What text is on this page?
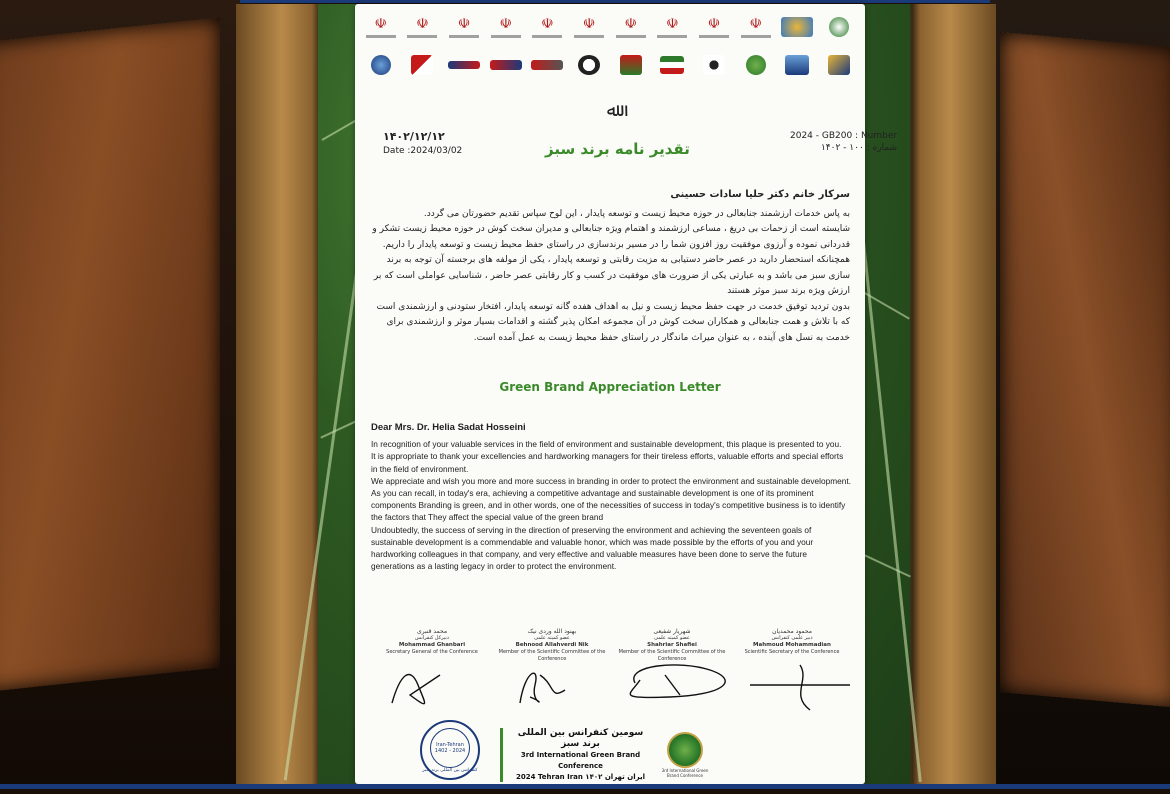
☫ ☫ ☫ ☫ ☫ ☫ ☫ ☫ ☫ ☫
ﷲ
۱۴۰۲/۱۲/۱۲
Date :2024/03/02	تقدیر نامه برند سبز
2024 - GB200 : Number
شماره : ۱۰۰ - ۱۴۰۲
سرکار خانم دکتر حلیا سادات حسینی
به پاس خدمات ارزشمند جنابعالی در حوزه محیط زیست و توسعه پایدار ، این لوح سپاس تقدیم حضورتان می گردد.
شایسته است از زحمات بی دریغ ، مساعی ارزشمند و اهتمام ویژه جنابعالی و مدیران سخت کوش در حوزه محیط زیست تشکر و قدردانی نموده و آرزوی موفقیت روز افزون شما را در مسیر برندسازی در راستای حفظ محیط زیست و توسعه پایدار را داریم.
همچنانکه استحضار دارید در عصر حاضر دستیابی به مزیت رقابتی و توسعه پایدار ، یکی از مولفه های برجسته آن توجه به برند سازی سبز می باشد و به عبارتی یکی از ضرورت های موفقیت در کسب و کار رقابتی عصر حاضر ، شناسایی عواملی است که بر ارزش ویژه برند سبز موثر هستند
بدون تردید توفیق خدمت در جهت حفظ محیط زیست و نیل به اهداف هفده گانه توسعه پایدار، افتخار ستودنی و ارزشمندی است که با تلاش و همت جنابعالی و همکاران سخت کوش در آن مجموعه امکان پذیر گشته و اقدامات بسیار موثر و ارزشمندی برای خدمت به نسل های آینده ، به عنوان میراث ماندگار در راستای حفظ محیط زیست به عمل آمده است.
Green Brand Appreciation Letter
Dear Mrs. Dr. Helia Sadat Hosseini

In recognition of your valuable services in the field of environment and sustainable development, this plaque is presented to you.

It is appropriate to thank your excellencies and hardworking managers for their tireless efforts, valuable efforts and special efforts in the field of environment.

We appreciate and wish you more and more success in branding in order to protect the environment and sustainable development.

As you can recall, in today's era, achieving a competitive advantage and sustainable development is one of its prominent components Branding is green, and in other words, one of the necessities of success in today's competitive business is to identify the factors that They affect the special value of the green brand

Undoubtedly, the success of serving in the direction of preserving the environment and achieving the seventeen goals of sustainable development is a commendable and valuable honor, which was made possible by the efforts of you and your hardworking colleagues in that company, and very effective and valuable measures have been done to serve the future generations as a lasting legacy in order to protect the environment.

محمد قنبری
دبیرکل کنفرانس
Mohammad Ghanbari
Secretary General of the Conference
بهنود الله وردی نیک
عضو کمیته علمی
Behnood Allahverdi Nik
Member of the Scientific Committee of the Conference
شهریار شفیعی
عضو کمیته علمی
Shahriar Shafiei
Member of the Scientific Committee of the Conference
محمود محمدیان
دبیر علمی کنفرانس
Mahmoud Mohammadian
Scientific Secretary of the Conference
Iran-Tehran
1402 - 2024
کنفرانس بین المللی برند سبز
سومین کنفرانس بین المللی برند سبز
3rd International Green Brand Conference
2024 Tehran Iran ایران تهران ۱۴۰۲
3rd International Green Brand Conference
